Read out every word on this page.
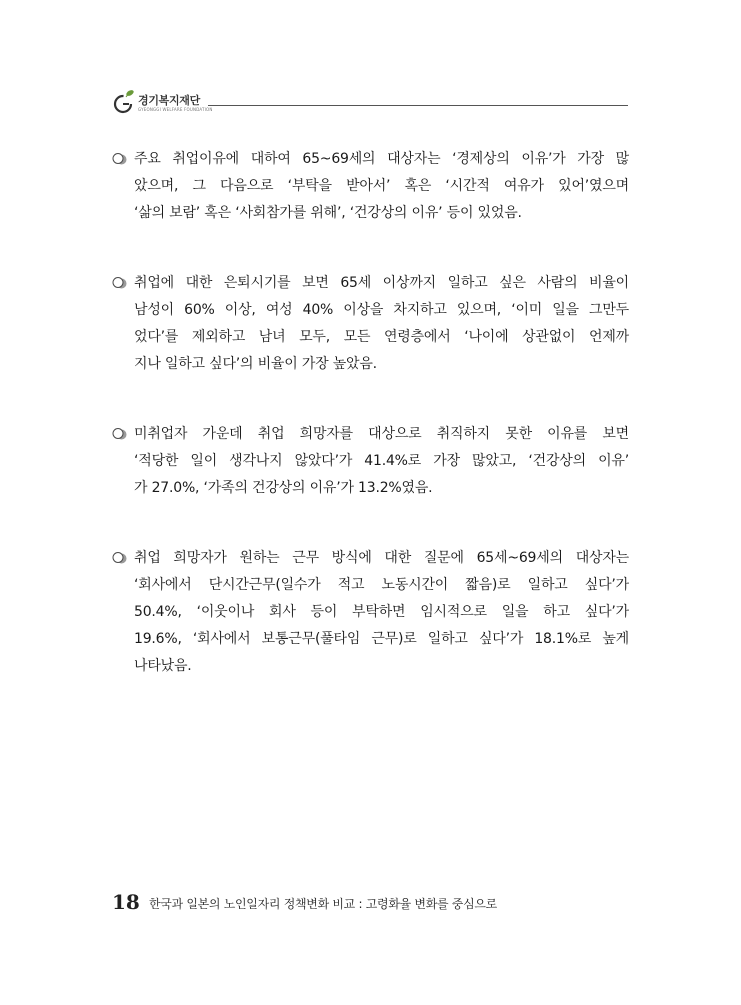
경기복지재단
GYEONGGI WELFARE FOUNDATION
주요 취업이유에 대하여 65~69세의 대상자는 ‘경제상의 이유’가 가장 많
았으며, 그 다음으로 ‘부탁을 받아서’ 혹은 ‘시간적 여유가 있어’였으며
‘삶의 보람’ 혹은 ‘사회참가를 위해’, ‘건강상의 이유’ 등이 있었음.
취업에 대한 은퇴시기를 보면 65세 이상까지 일하고 싶은 사람의 비율이
남성이 60% 이상, 여성 40% 이상을 차지하고 있으며, ‘이미 일을 그만두
었다’를 제외하고 남녀 모두, 모든 연령층에서 ‘나이에 상관없이 언제까
지나 일하고 싶다’의 비율이 가장 높았음.
미취업자 가운데 취업 희망자를 대상으로 취직하지 못한 이유를 보면
‘적당한 일이 생각나지 않았다’가 41.4%로 가장 많았고, ‘건강상의 이유’
가 27.0%, ‘가족의 건강상의 이유’가 13.2%였음.
취업 희망자가 원하는 근무 방식에 대한 질문에 65세~69세의 대상자는
‘회사에서 단시간근무(일수가 적고 노동시간이 짧음)로 일하고 싶다’가
50.4%, ‘이웃이나 회사 등이 부탁하면 임시적으로 일을 하고 싶다’가
19.6%, ‘회사에서 보통근무(풀타임 근무)로 일하고 싶다’가 18.1%로 높게
나타났음.
18 한국과 일본의 노인일자리 정책변화 비교 : 고령화율 변화를 중심으로
